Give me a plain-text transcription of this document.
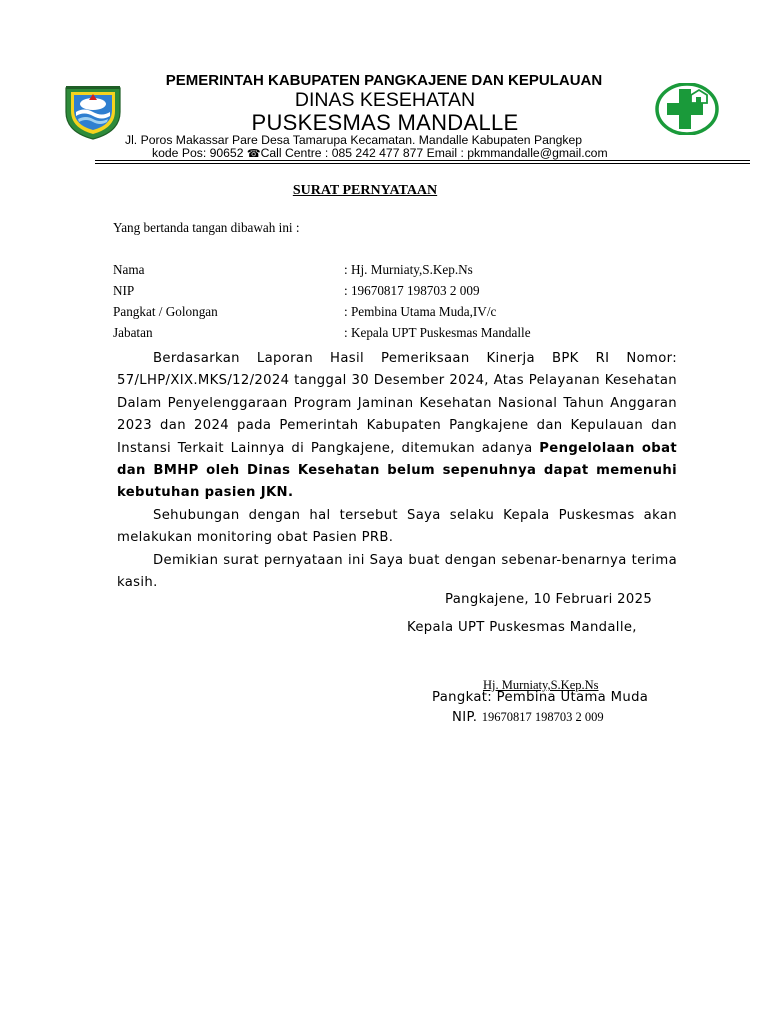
PEMERINTAH KABUPATEN PANGKAJENE DAN KEPULAUAN
DINAS KESEHATAN
PUSKESMAS MANDALLE
Jl. Poros Makassar Pare Desa Tamarupa Kecamatan. Mandalle Kabupaten Pangkep
kode Pos: 90652 ☎Call Centre : 085 242 477 877 Email : pkmmandalle@gmail.com
SURAT PERNYATAAN
Yang bertanda tangan dibawah ini :
Nama	: Hj. Murniaty,S.Kep.Ns
NIP	: 19670817 198703 2 009
Pangkat / Golongan	: Pembina Utama Muda,IV/c
Jabatan	: Kepala UPT Puskesmas Mandalle

Berdasarkan Laporan Hasil Pemeriksaan Kinerja BPK RI Nomor: 57/LHP/XIX.MKS/12/2024 tanggal 30 Desember 2024, Atas Pelayanan Kesehatan Dalam Penyelenggaraan Program Jaminan Kesehatan Nasional Tahun Anggaran 2023 dan 2024 pada Pemerintah Kabupaten Pangkajene dan Kepulauan dan Instansi Terkait Lainnya di Pangkajene, ditemukan adanya Pengelolaan obat dan BMHP oleh Dinas Kesehatan belum sepenuhnya dapat memenuhi kebutuhan pasien JKN.

Sehubungan dengan hal tersebut Saya selaku Kepala Puskesmas akan melakukan monitoring obat Pasien PRB.

Demikian surat pernyataan ini Saya buat dengan sebenar-benarnya terima kasih.

Pangkajene, 10 Februari 2025
Kepala UPT Puskesmas Mandalle,
Hj. Murniaty,S.Kep.Ns
Pangkat: Pembina Utama Muda
NIP. 19670817 198703 2 009
